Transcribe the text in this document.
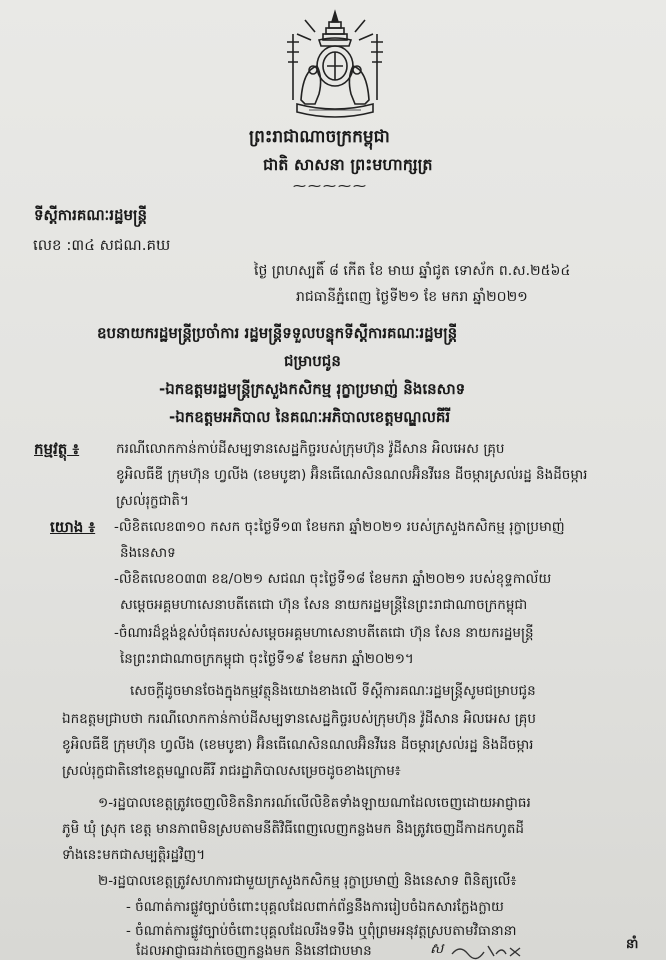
ព្រះរាជាណាចក្រកម្ពុជា
ជាតិ សាសនា ព្រះមហាក្សត្រ
⁓⁓⁓⁓⁓
ទីស្តីការគណៈរដ្ឋមន្ត្រី
លេខ :៣៤ សជណ.គឃ
ថ្ងៃ ព្រហស្បតិ៍ ៨ កើត ខែ មាឃ ឆ្នាំជូត ទោស័ក ព.ស.២៥៦៤
រាជធានីភ្នំពេញ ថ្ងៃទី២១ ខែ មករា ឆ្នាំ២០២១
ឧបនាយករដ្ឋមន្ត្រីប្រចាំការ រដ្ឋមន្ត្រីទទួលបន្ទុកទីស្តីការគណៈរដ្ឋមន្ត្រី
ជម្រាបជូន
-ឯកឧត្តមរដ្ឋមន្ត្រីក្រសួងកសិកម្ម រុក្ខាប្រមាញ់ និងនេសាទ
-ឯកឧត្តមអភិបាល នៃគណៈអភិបាលខេត្តមណ្ឌលគីរី
កម្មវត្ថុ ៖	ករណីលោកកាន់កាប់ដីសម្បទានសេដ្ឋកិច្ចរបស់ក្រុមហ៊ុន វ៉ូដីសាន អិលអេស គ្រុប
ខូអិលធីឌី ក្រុមហ៊ុន ហ្វលីង (ខេមបូឌា) អ៊ិនធើណេសិនណលអ៊ិនវីរេន ដីចម្ការស្រល់រដ្ឋ និងដីចម្ការ
ស្រល់រុក្ខជាតិ។
យោង ៖ -លិខិតលេខ៣១០ កសក ចុះថ្ងៃទី១៣ ខែមករា ឆ្នាំ២០២១ របស់ក្រសួងកសិកម្ម រុក្ខាប្រមាញ់
និងនេសាទ
-លិខិតលេខ០៣៣ ខឧ/០២១ សជណ ចុះថ្ងៃទី១៨ ខែមករា ឆ្នាំ២០២១ របស់ខុទ្ទកាល័យ
សម្តេចអគ្គមហាសេនាបតីតេជោ ហ៊ុន សែន នាយករដ្ឋមន្ត្រីនៃព្រះរាជាណាចក្រកម្ពុជា
-ចំណារដ៏ខ្ពង់ខ្ពស់បំផុតរបស់សម្តេចអគ្គមហាសេនាបតីតេជោ ហ៊ុន សែន នាយករដ្ឋមន្ត្រី
នៃព្រះរាជាណាចក្រកម្ពុជា ចុះថ្ងៃទី១៩ ខែមករា ឆ្នាំ២០២១។
សេចក្តីដូចមានចែងក្នុងកម្មវត្ថុនិងយោងខាងលើ ទីស្តីការគណៈរដ្ឋមន្ត្រីសូមជម្រាបជូន
ឯកឧត្តមជ្រាបថា ករណីលោកកាន់កាប់ដីសម្បទានសេដ្ឋកិច្ចរបស់ក្រុមហ៊ុន វ៉ូដីសាន អិលអេស គ្រុប
ខូអិលធីឌី ក្រុមហ៊ុន ហ្វលីង (ខេមបូឌា) អ៊ិនធើណេសិនណលអ៊ិនវីរេន ដីចម្ការស្រល់រដ្ឋ និងដីចម្ការ
ស្រល់រុក្ខជាតិនៅខេត្តមណ្ឌលគីរី រាជរដ្ឋាភិបាលសម្រេចដូចខាងក្រោម៖
១-រដ្ឋបាលខេត្តត្រូវចេញលិខិតនិរាករណ៍លើលិខិតទាំងឡាយណាដែលចេញដោយអាជ្ញាធរ
ភូមិ ឃុំ ស្រុក ខេត្ត មានភាពមិនស្របតាមនីតិវិធីពេញលេញកន្លងមក និងត្រូវចេញដីកាដកហូតដី
ទាំងនេះមកជាសម្បត្តិរដ្ឋវិញ។
២-រដ្ឋបាលខេត្តត្រូវសហការជាមួយក្រសួងកសិកម្ម រុក្ខាប្រមាញ់ និងនេសាទ ពិនិត្យលើ៖
- ចំណាត់ការផ្លូវច្បាប់ចំពោះបុគ្គលដែលពាក់ព័ន្ធនឹងការរៀបចំឯកសារក្លែងក្លាយ
- ចំណាត់ការផ្លូវច្បាប់ចំពោះបុគ្គលដែលរឹងទទឹង ឬពុំព្រមអនុវត្តស្របតាមវិធានានា
ដែលអាជ្ញាធរដាក់ចេញកន្លងមក និងនៅជាបមាន	ស	នាំ
